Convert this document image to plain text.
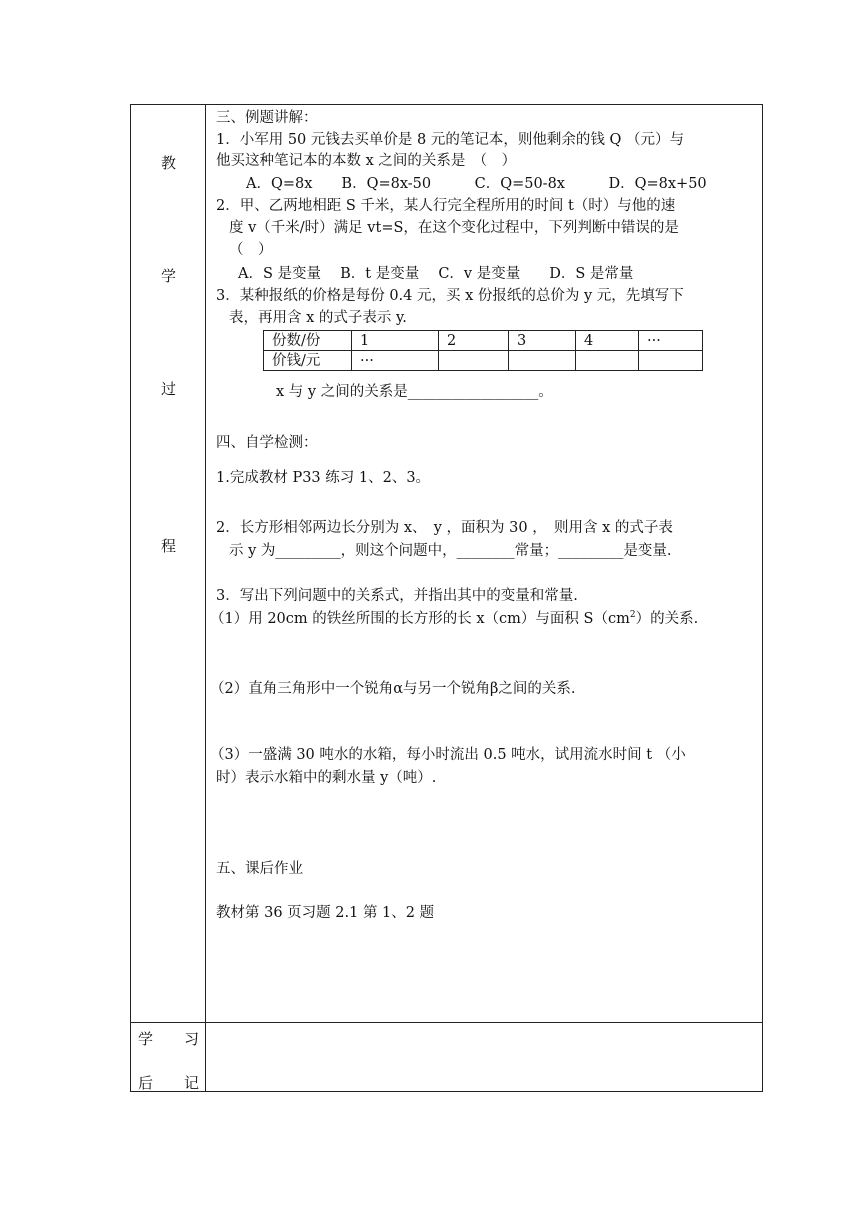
教
学
过
程
学 习
后 记
三、例题讲解：
1．小军用 50 元钱去买单价是 8 元的笔记本，则他剩余的钱 Q （元）与
他买这种笔记本的本数 x 之间的关系是　（　）
A．Q=8x　　B．Q=8x-50　　　C．Q=50-8x　　　D．Q=8x+50
2．甲、乙两地相距 S 千米，某人行完全程所用的时间 t（时）与他的速
度 v（千米/时）满足 vt=S，在这个变化过程中，下列判断中错误的是
（　）
A．S 是变量　 B．t 是变量　 C．v 是变量　　D．S 是常量
3．某种报纸的价格是每份 0.4 元，买 x 份报纸的总价为 y 元，先填写下
表，再用含 x 的式子表示 y.
份数/份	1	2	3	4	···
价钱/元	···				
x 与 y 之间的关系是__________________。
四、自学检测：
1.完成教材 P33 练习 1、2、3。
2．长方形相邻两边长分别为 x、　y ，面积为 30 ，　则用含 x 的式子表
示 y 为_________，则这个问题中，________常量；_________是变量.
3．写出下列问题中的关系式，并指出其中的变量和常量.
（1）用 20cm 的铁丝所围的长方形的长 x（cm）与面积 $S(cm^2)$的关系.
（2）直角三角形中一个锐角α与另一个锐角β之间的关系.
（3）一盛满 30 吨水的水箱，每小时流出 0.5 吨水，试用流水时间 t （小
时）表示水箱中的剩水量 y（吨）.
五、课后作业
教材第 36 页习题 2.1 第 1、2 题
